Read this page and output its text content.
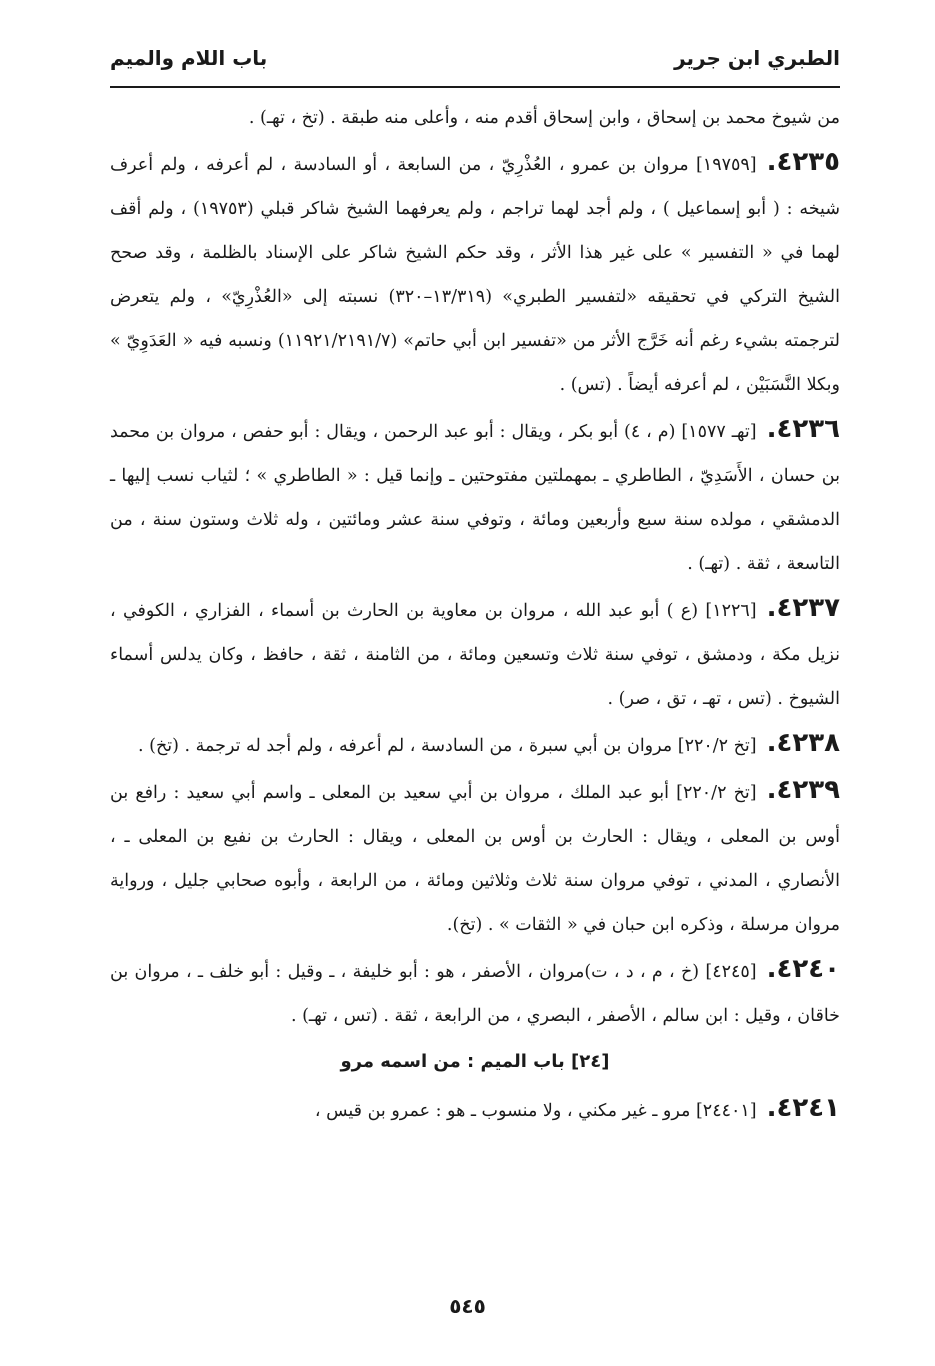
الطبري ابن جرير
باب اللام والميم

من شيوخ محمد بن إسحاق ، وابن إسحاق أقدم منه ، وأعلى منه طبقة . (تخ ، تهـ) .

٤٢٣٥.[١٩٧٥٩] مروان بن عمرو ، العُذْرِيّ ، من السابعة ، أو السادسة ، لم أعرفه ، ولم أعرف شيخه : ( أبو إسماعيل ) ، ولم أجد لهما تراجم ، ولم يعرفهما الشيخ شاكر قبلي (١٩٧٥٣) ، ولم أقف لهما في « التفسير » على غير هذا الأثر ، وقد حكم الشيخ شاكر على الإسناد بالظلمة ، وقد صحح الشيخ التركي في تحقيقه «لتفسير الطبري» (١٣/٣١٩–٣٢٠) نسبته إلى «العُذْرِيّ» ، ولم يتعرض لترجمته بشيء رغم أنه خَرَّج الأثر من «تفسير ابن أبي حاتم» (١١٩٢١/٢١٩١/٧) ونسبه فيه « العَدَوِيّ » وبكلا النَّسَبَيْن ، لم أعرفه أيضاً . (تس) .

٤٢٣٦.[تهـ ١٥٧٧] (م ، ٤) أبو بكر ، ويقال : أبو عبد الرحمن ، ويقال : أبو حفص ، مروان بن محمد بن حسان ، الأَسَدِيّ ، الطاطري ـ بمهملتين مفتوحتين ـ وإنما قيل : « الطاطري » ؛ لثياب نسب إليها ـ الدمشقي ، مولده سنة سبع وأربعين ومائة ، وتوفي سنة عشر ومائتين ، وله ثلاث وستون سنة ، من التاسعة ، ثقة . (تهـ) .

٤٢٣٧.[١٢٢٦] (ع ) أبو عبد الله ، مروان بن معاوية بن الحارث بن أسماء ، الفزاري ، الكوفي ، نزيل مكة ، ودمشق ، توفي سنة ثلاث وتسعين ومائة ، من الثامنة ، ثقة ، حافظ ، وكان يدلس أسماء الشيوخ . (تس ، تهـ ، تق ، صر) .

٤٢٣٨.[تخ ٢٢٠/٢] مروان بن أبي سبرة ، من السادسة ، لم أعرفه ، ولم أجد له ترجمة . (تخ) .

٤٢٣٩.[تخ ٢٢٠/٢] أبو عبد الملك ، مروان بن أبي سعيد بن المعلى ـ واسم أبي سعيد : رافع بن أوس بن المعلى ، ويقال : الحارث بن أوس بن المعلى ، ويقال : الحارث بن نفيع بن المعلى ـ ، الأنصاري ، المدني ، توفي مروان سنة ثلاث وثلاثين ومائة ، من الرابعة ، وأبوه صحابي جليل ، ورواية مروان مرسلة ، وذكره ابن حبان في « الثقات » . (تخ).

٤٢٤٠.[٤٢٤٥] (خ ، م ، د ، ت)مروان ، الأصفر ، هو : أبو خليفة ، ـ وقيل : أبو خلف ـ ، مروان بن خاقان ، وقيل : ابن سالم ، الأصفر ، البصري ، من الرابعة ، ثقة . (تس ، تهـ) .

[٢٤] باب الميم : من اسمه مرو

٤٢٤١.[٢٤٤٠١] مرو ـ غير مكني ، ولا منسوب ـ هو : عمرو بن قيس ،

٥٤٥
